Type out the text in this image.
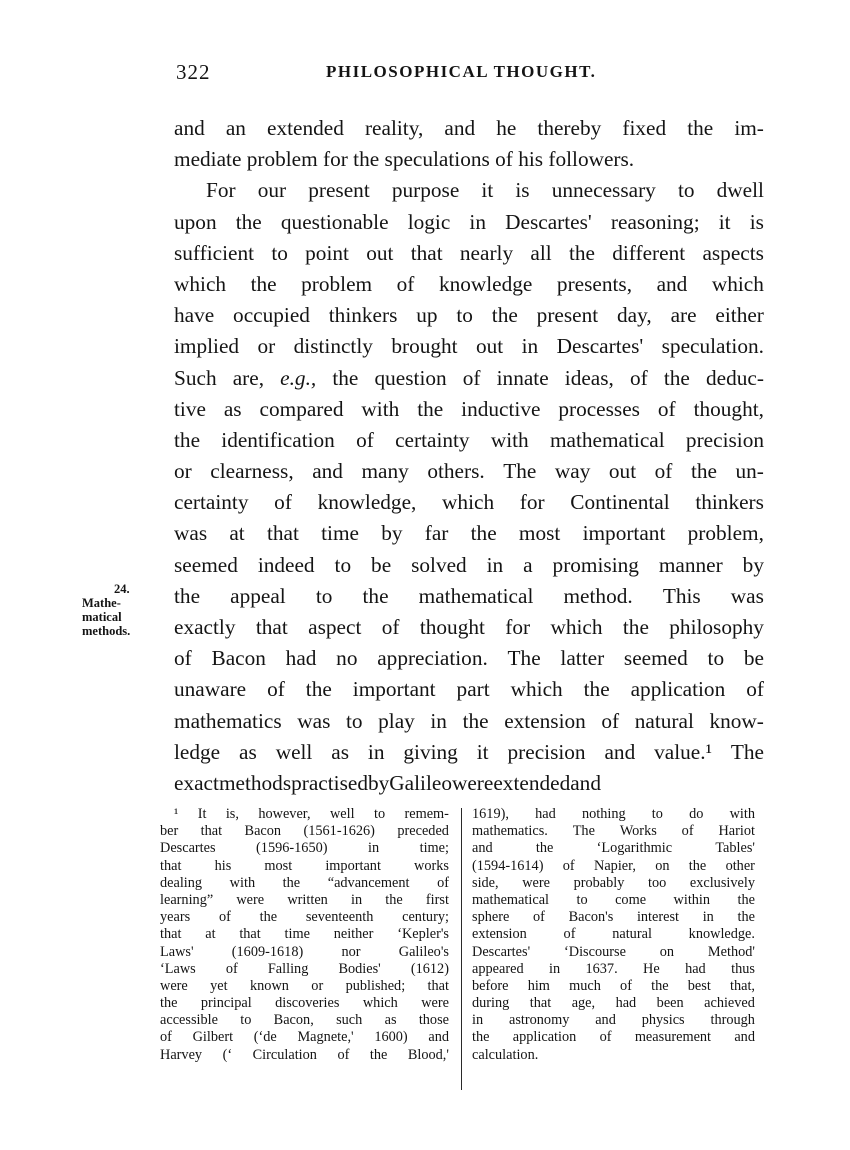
322	PHILOSOPHICAL THOUGHT.
24.
Mathe-
matical
methods.
and an extended reality, and he thereby fixed the im-
mediate problem for the speculations of his followers.
For our present purpose it is unnecessary to dwell
upon the questionable logic in Descartes' reasoning; it is
sufficient to point out that nearly all the different aspects
which the problem of knowledge presents, and which
have occupied thinkers up to the present day, are either
implied or distinctly brought out in Descartes' speculation.
Such are, e.g., the question of innate ideas, of the deduc-
tive as compared with the inductive processes of thought,
the identification of certainty with mathematical precision
or clearness, and many others. The way out of the un-
certainty of knowledge, which for Continental thinkers
was at that time by far the most important problem,
seemed indeed to be solved in a promising manner by
the appeal to the mathematical method. This was
exactly that aspect of thought for which the philosophy
of Bacon had no appreciation. The latter seemed to be
unaware of the important part which the application of
mathematics was to play in the extension of natural know-
ledge as well as in giving it precision and value.¹ The
exact methods practised by Galileo were extended and
¹ It is, however, well to remem-
ber that Bacon (1561-1626) preceded
Descartes	(1596-1650)	in	time;
that his most important works
dealing with the “advancement of
learning” were written in the first
years of the seventeenth century;
that at that time neither ‘Kepler's
Laws'	(1609-1618)	nor	Galileo's
‘Laws of Falling Bodies' (1612)
were yet known or published; that
the principal discoveries which were
accessible to Bacon, such as those
of Gilbert (‘de Magnete,' 1600) and
Harvey (‘ Circulation of the Blood,'
1619), had nothing to do with
mathematics. The Works of Hariot
and	the	‘Logarithmic	Tables'
(1594-1614) of Napier, on the other
side, were probably too exclusively
mathematical to come within the
sphere of Bacon's interest in the
extension	of	natural	knowledge.
Descartes' ‘Discourse on Method'
appeared in 1637. He had thus
before him much of the best that,
during that age, had been achieved
in astronomy and physics through
the application of measurement and
calculation.
